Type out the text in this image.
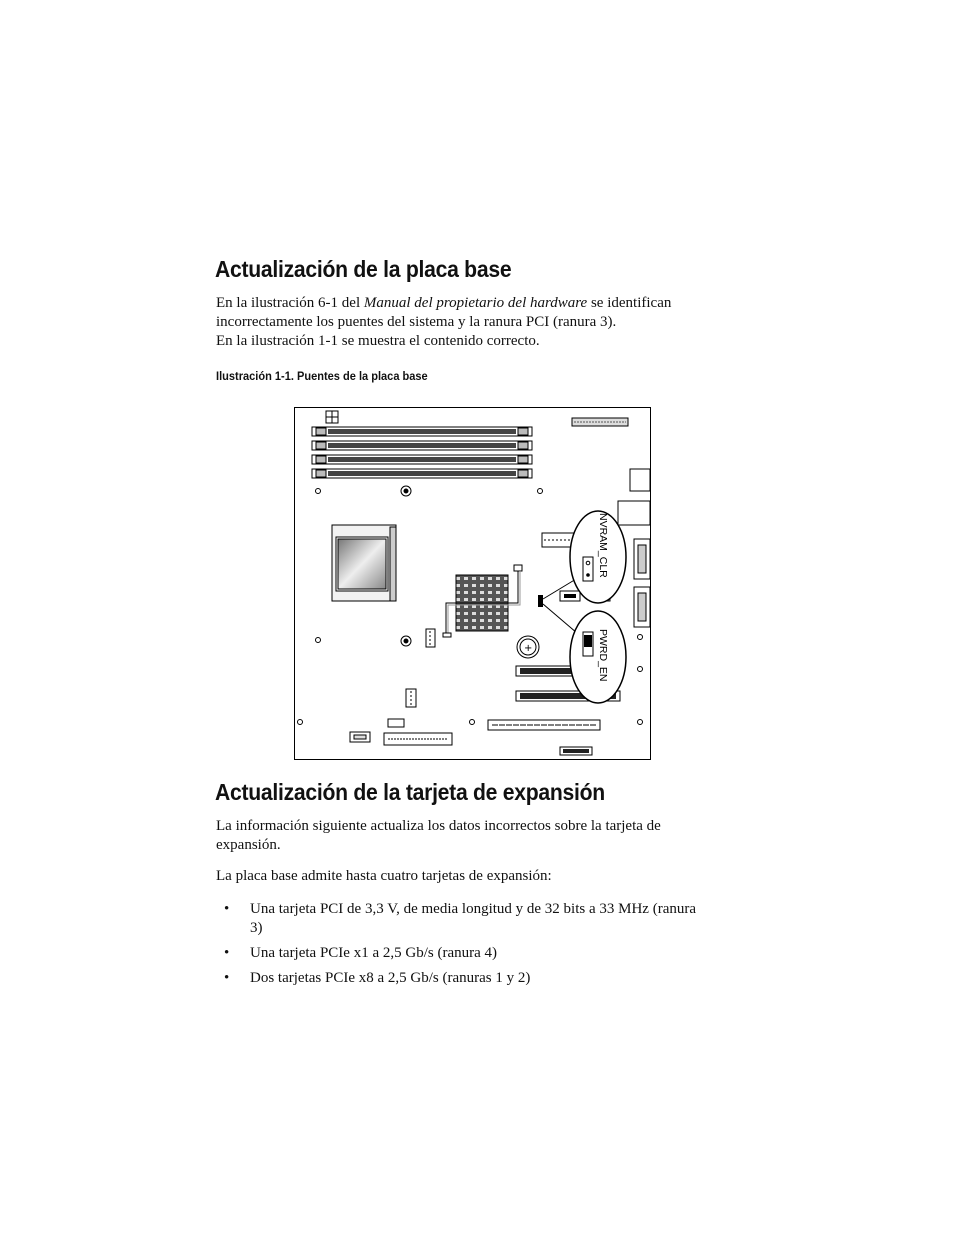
Actualización de la placa base

En la ilustración 6-1 del Manual del propietario del hardware se identifican incorrectamente los puentes del sistema y la ranura PCI (ranura 3).

En la ilustración 1-1 se muestra el contenido correcto.

Ilustración 1-1. Puentes de la placa base

+
NVRAM_CLR
PWRD_EN
Actualización de la tarjeta de expansión

La información siguiente actualiza los datos incorrectos sobre la tarjeta de expansión.

La placa base admite hasta cuatro tarjetas de expansión:

• Una tarjeta PCI de 3,3 V, de media longitud y de 32 bits a 33 MHz (ranura 3)
• Una tarjeta PCIe x1 a 2,5 Gb/s (ranura 4)
• Dos tarjetas PCIe x8 a 2,5 Gb/s (ranuras 1 y 2)
